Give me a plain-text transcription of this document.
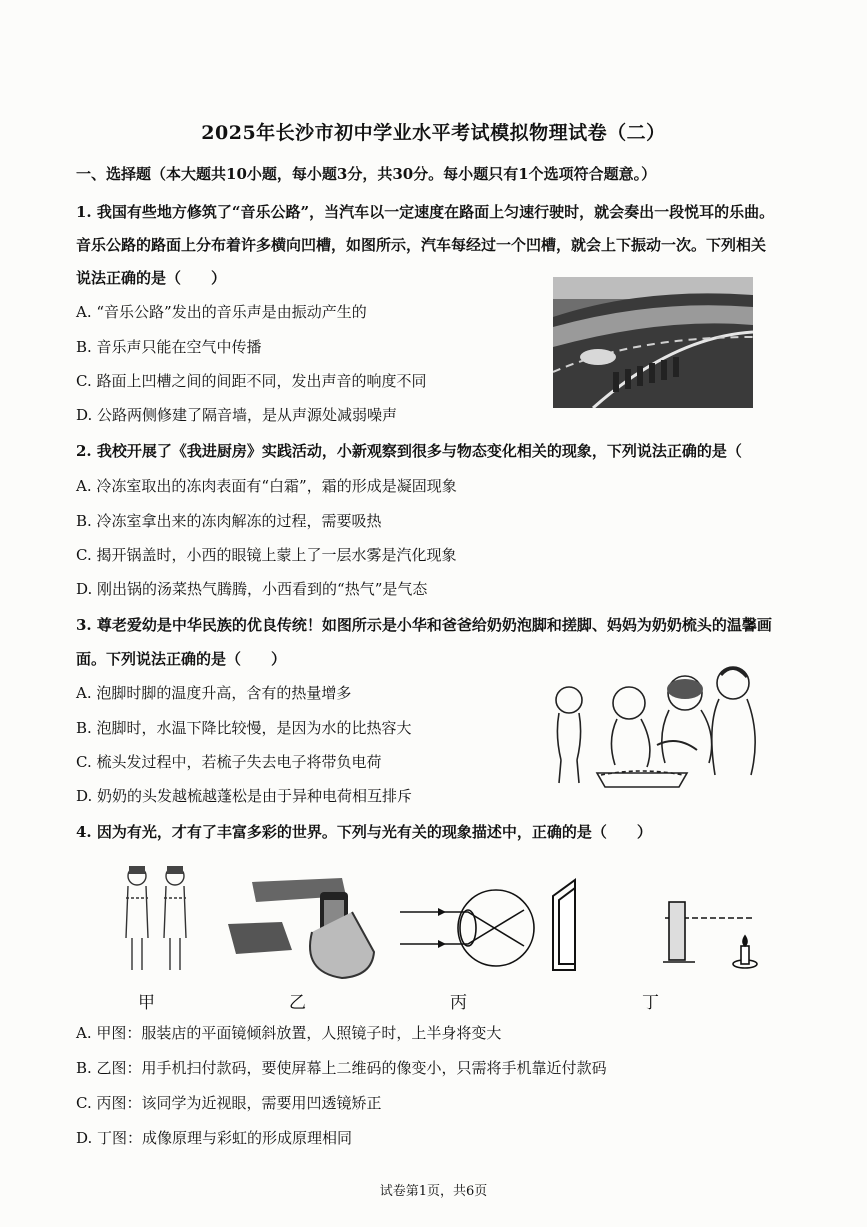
2025年长沙市初中学业水平考试模拟物理试卷（二）
一、选择题（本大题共10小题，每小题3分，共30分。每小题只有1个选项符合题意。）
1. 我国有些地方修筑了“音乐公路”，当汽车以一定速度在路面上匀速行驶时，就会奏出一段悦耳的乐曲。
音乐公路的路面上分布着许多横向凹槽，如图所示，汽车每经过一个凹槽，就会上下振动一次。下列相关
说法正确的是（　　）
A. “音乐公路”发出的音乐声是由振动产生的
B. 音乐声只能在空气中传播
C. 路面上凹槽之间的间距不同，发出声音的响度不同
D. 公路两侧修建了隔音墙，是从声源处减弱噪声
2. 我校开展了《我进厨房》实践活动，小新观察到很多与物态变化相关的现象，下列说法正确的是（
A. 冷冻室取出的冻肉表面有“白霜”，霜的形成是凝固现象
B. 冷冻室拿出来的冻肉解冻的过程，需要吸热
C. 揭开锅盖时，小西的眼镜上蒙上了一层水雾是汽化现象
D. 刚出锅的汤菜热气腾腾，小西看到的“热气”是气态
3. 尊老爱幼是中华民族的优良传统！如图所示是小华和爸爸给奶奶泡脚和搓脚、妈妈为奶奶梳头的温馨画
面。下列说法正确的是（　　）
A. 泡脚时脚的温度升高，含有的热量增多
B. 泡脚时，水温下降比较慢，是因为水的比热容大
C. 梳头发过程中，若梳子失去电子将带负电荷
D. 奶奶的头发越梳越蓬松是由于异种电荷相互排斥
4. 因为有光，才有了丰富多彩的世界。下列与光有关的现象描述中，正确的是（　　）
甲	乙	丙	丁
A. 甲图：服装店的平面镜倾斜放置，人照镜子时，上半身将变大
B. 乙图：用手机扫付款码，要使屏幕上二维码的像变小，只需将手机靠近付款码
C. 丙图：该同学为近视眼，需要用凹透镜矫正
D. 丁图：成像原理与彩虹的形成原理相同
试卷第1页，共6页
